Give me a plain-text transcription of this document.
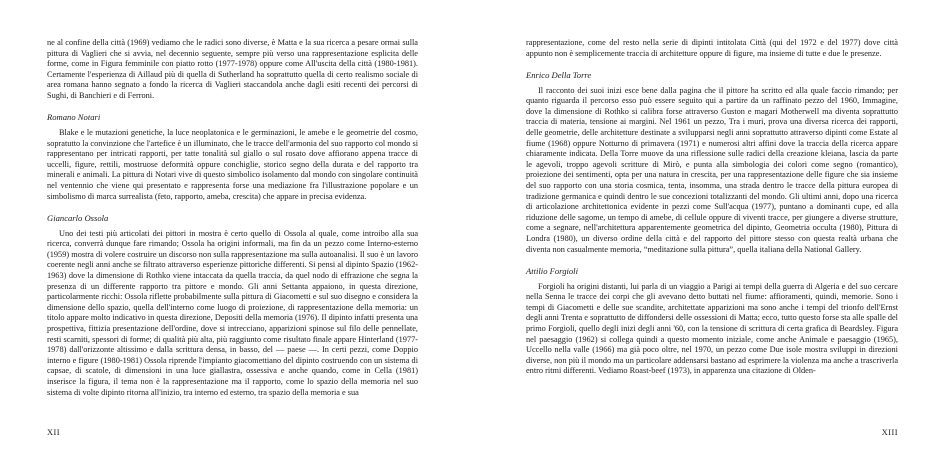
ne al confine della città (1969) vediamo che le radici sono diverse, è Matta e la sua ricerca a pesare ormai sulla pittura di Vaglieri che si avvia, nel decennio seguente, sempre più verso una rappresentazione esplicita delle forme, come in Figura femminile con piatto rotto (1977-1978) oppure come All'uscita della città (1980-1981). Certamente l'esperienza di Aillaud più di quella di Sutherland ha soprattutto quella di certo realismo sociale di area romana hanno segnato a fondo la ricerca di Vaglieri staccandola anche dagli esiti recenti dei percorsi di Sughi, di Banchieri e di Ferroni.

Romano Notari

Blake e le mutazioni genetiche, la luce neoplatonica e le germinazioni, le amebe e le geometrie del cosmo, sopratutto la convinzione che l'artefice è un illuminato, che le tracce dell'armonia del suo rapporto col mondo si rappresentano per intricati rapporti, per tatte tonalità sul giallo o sul rosato dove affiorano appena tracce di uccelli, figure, rettili, mostruose deformità oppure conchiglie, storico segno della durata e del rapporto tra minerali e animali. La pittura di Notari vive di questo simbolico isolamento dal mondo con singolare continuità nel ventennio che viene qui presentato e rappresenta forse una mediazione fra l'illustrazione popolare e un simbolismo di marca surrealista (feto, rapporto, ameba, crescita) che appare in precisa evidenza.

Giancarlo Ossola

Uno dei testi più articolati dei pittori in mostra è certo quello di Ossola al quale, come introibo alla sua ricerca, converrà dunque fare rimando; Ossola ha origini informali, ma fin da un pezzo come Interno-esterno (1959) mostra di volere costruire un discorso non sulla rappresentazione ma sulla autoanalisi. Il suo è un lavoro coerente negli anni anche se filtrato attraverso esperienze pittoriche differenti. Si pensi al dipinto Spazio (1962-1963) dove la dimensione di Rothko viene intaccata da quella traccia, da quel nodo di effrazione che segna la presenza di un differente rapporto tra pittore e mondo. Gli anni Settanta appaiono, in questa direzione, particolarmente ricchi: Ossola riflette probabilmente sulla pittura di Giacometti e sul suo disegno e considera la dimensione dello spazio, quella dell'interno come luogo di proiezione, di rappresentazione della memoria: un titolo appare molto indicativo in questa direzione, Depositi della memoria (1976). Il dipinto infatti presenta una prospettiva, fittizia presentazione dell'ordine, dove si intrecciano, apparizioni spinose sul filo delle pennellate, resti scarniti, spessori di forme; di qualità più alta, più raggiunto come risultato finale appare Hinterland (1977-1978) dall'orizzonte altissimo e dalla scrittura densa, in basso, del — paese —. In certi pezzi, come Doppio interno e figure (1980-1981) Ossola riprende l'impianto giacomettiano del dipinto costruendo con un sistema di capsae, di scatole, di dimensioni in una luce giallastra, ossessiva e anche quando, come in Cella (1981) inserisce la figura, il tema non è la rappresentazione ma il rapporto, come lo spazio della memoria nel suo sistema di volte dipinto ritorna all'inizio, tra interno ed esterno, tra spazio della memoria e sua

XII

rappresentazione, come del resto nella serie di dipinti intitolata Città (qui del 1972 e del 1977) dove città appunto non è semplicemente traccia di architetture oppure di figure, ma insieme di tutte e due le presenze.

Enrico Della Torre

Il racconto dei suoi inizi esce bene dalla pagina che il pittore ha scritto ed alla quale faccio rimando; per quanto riguarda il percorso esso può essere seguito qui a partire da un raffinato pezzo del 1960, Immagine, dove la dimensione di Rothko si calibra forse attraverso Guston e magari Motherwell ma diventa soprattutto traccia di materia, tensione ai margini. Nel 1961 un pezzo, Tra i muri, prova una diversa ricerca dei rapporti, delle geometrie, delle architetture destinate a svilupparsi negli anni soprattutto attraverso dipinti come Estate al fiume (1968) oppure Notturno di primavera (1971) e numerosi altri affini dove la traccia della ricerca appare chiaramente indicata. Della Torre muove da una riflessione sulle radici della creazione kleiana, lascia da parte le agevoli, troppo agevoli scritture di Mirò, e punta alla simbologia dei colori come segno (romantico), proiezione dei sentimenti, opta per una natura in crescita, per una rappresentazione delle figure che sia insieme del suo rapporto con una storia cosmica, tenta, insomma, una strada dentro le tracce della pittura europea di tradizione germanica e quindi dentro le sue concezioni totalizzanti del mondo. Gli ultimi anni, dopo una ricerca di articolazione architettonica evidente in pezzi come Sull'acqua (1977), puntano a dominanti cupe, ed alla riduzione delle sagome, un tempo di amebe, di cellule oppure di viventi tracce, per giungere a diverse strutture, come a segnare, nell'architettura apparentemente geometrica del dipinto, Geometria occulta (1980), Pittura di Londra (1980), un diverso ordine della città e del rapporto del pittore stesso con questa realtà urbana che diventa non casualmente memoria, “meditazione sulla pittura”, quella italiana della National Gallery.

Attilio Forgioli

Forgioli ha origini distanti, lui parla di un viaggio a Parigi ai tempi della guerra di Algeria e del suo cercare nella Senna le tracce dei corpi che gli avevano detto buttati nel fiume: affioramenti, quindi, memorie. Sono i tempi di Giacometti e delle sue scandite, architettate apparizioni ma sono anche i tempi del trionfo dell'Ernst degli anni Trenta e soprattutto de diffondersi delle ossessioni di Matta; ecco, tutto questo forse sta alle spalle del primo Forgioli, quello degli inizi degli anni '60, con la tensione di scrittura di certa grafica di Beardsley. Figura nel paesaggio (1962) si collega quindi a questo momento iniziale, come anche Animale e paesaggio (1965), Uccello nella valle (1966) ma già poco oltre, nel 1970, un pezzo come Due isole mostra sviluppi in direzioni diverse, non più il mondo ma un particolare addensarsi bastano ad esprimere la violenza ma anche a trascriverla entro ritmi differenti. Vediamo Roast-beef (1973), in apparenza una citazione di Olden-

XIII
